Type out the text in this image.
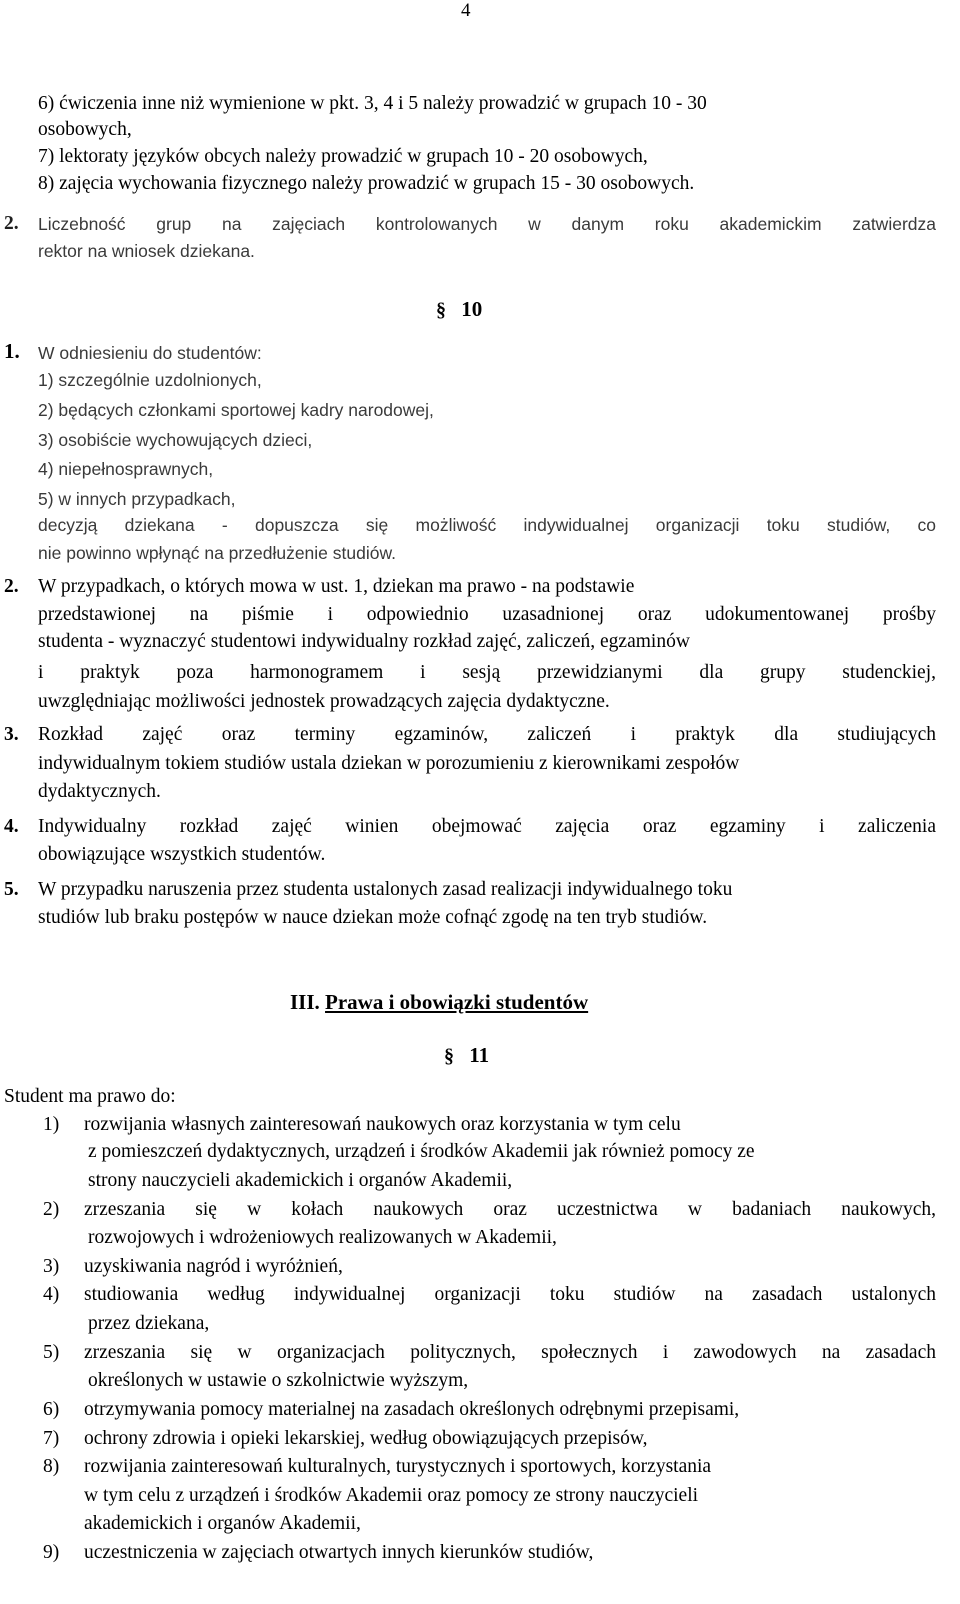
4
6) ćwiczenia inne niż wymienione w pkt. 3, 4 i 5 należy prowadzić w grupach 10 - 30
osobowych,
7) lektoraty języków obcych należy prowadzić w grupach 10 - 20 osobowych,
8) zajęcia wychowania fizycznego należy prowadzić w grupach 15 - 30 osobowych.
2. Liczebność grup na zajęciach kontrolowanych w danym roku akademickim zatwierdza
rektor na wniosek dziekana.
§ 10
1. W odniesieniu do studentów:
1) szczególnie uzdolnionych,
2) będących członkami sportowej kadry narodowej,
3) osobiście wychowujących dzieci,
4) niepełnosprawnych,
5) w innych przypadkach,
decyzją dziekana - dopuszcza się możliwość indywidualnej organizacji toku studiów, co
nie powinno wpłynąć na przedłużenie studiów.
2. W przypadkach, o których mowa w ust. 1, dziekan ma prawo - na podstawie
przedstawionej na piśmie i odpowiednio uzasadnionej oraz udokumentowanej prośby
studenta - wyznaczyć studentowi indywidualny rozkład zajęć, zaliczeń, egzaminów
i praktyk poza harmonogramem i sesją przewidzianymi dla grupy studenckiej,
uwzględniając możliwości jednostek prowadzących zajęcia dydaktyczne.
3. Rozkład zajęć oraz terminy egzaminów, zaliczeń i praktyk dla studiujących
indywidualnym tokiem studiów ustala dziekan w porozumieniu z kierownikami zespołów
dydaktycznych.
4. Indywidualny rozkład zajęć winien obejmować zajęcia oraz egzaminy i zaliczenia
obowiązujące wszystkich studentów.
5. W przypadku naruszenia przez studenta ustalonych zasad realizacji indywidualnego toku
studiów lub braku postępów w nauce dziekan może cofnąć zgodę na ten tryb studiów.
III. Prawa i obowiązki studentów
§ 11
Student ma prawo do:
1) rozwijania własnych zainteresowań naukowych oraz korzystania w tym celu
z pomieszczeń dydaktycznych, urządzeń i środków Akademii jak również pomocy ze
strony nauczycieli akademickich i organów Akademii,
2) zrzeszania się w kołach naukowych oraz uczestnictwa w badaniach naukowych,
rozwojowych i wdrożeniowych realizowanych w Akademii,
3) uzyskiwania nagród i wyróżnień,
4) studiowania według indywidualnej organizacji toku studiów na zasadach ustalonych
przez dziekana,
5) zrzeszania się w organizacjach politycznych, społecznych i zawodowych na zasadach
określonych w ustawie o szkolnictwie wyższym,
6) otrzymywania pomocy materialnej na zasadach określonych odrębnymi przepisami,
7) ochrony zdrowia i opieki lekarskiej, według obowiązujących przepisów,
8) rozwijania zainteresowań kulturalnych, turystycznych i sportowych, korzystania
w tym celu z urządzeń i środków Akademii oraz pomocy ze strony nauczycieli
akademickich i organów Akademii,
9) uczestniczenia w zajęciach otwartych innych kierunków studiów,
